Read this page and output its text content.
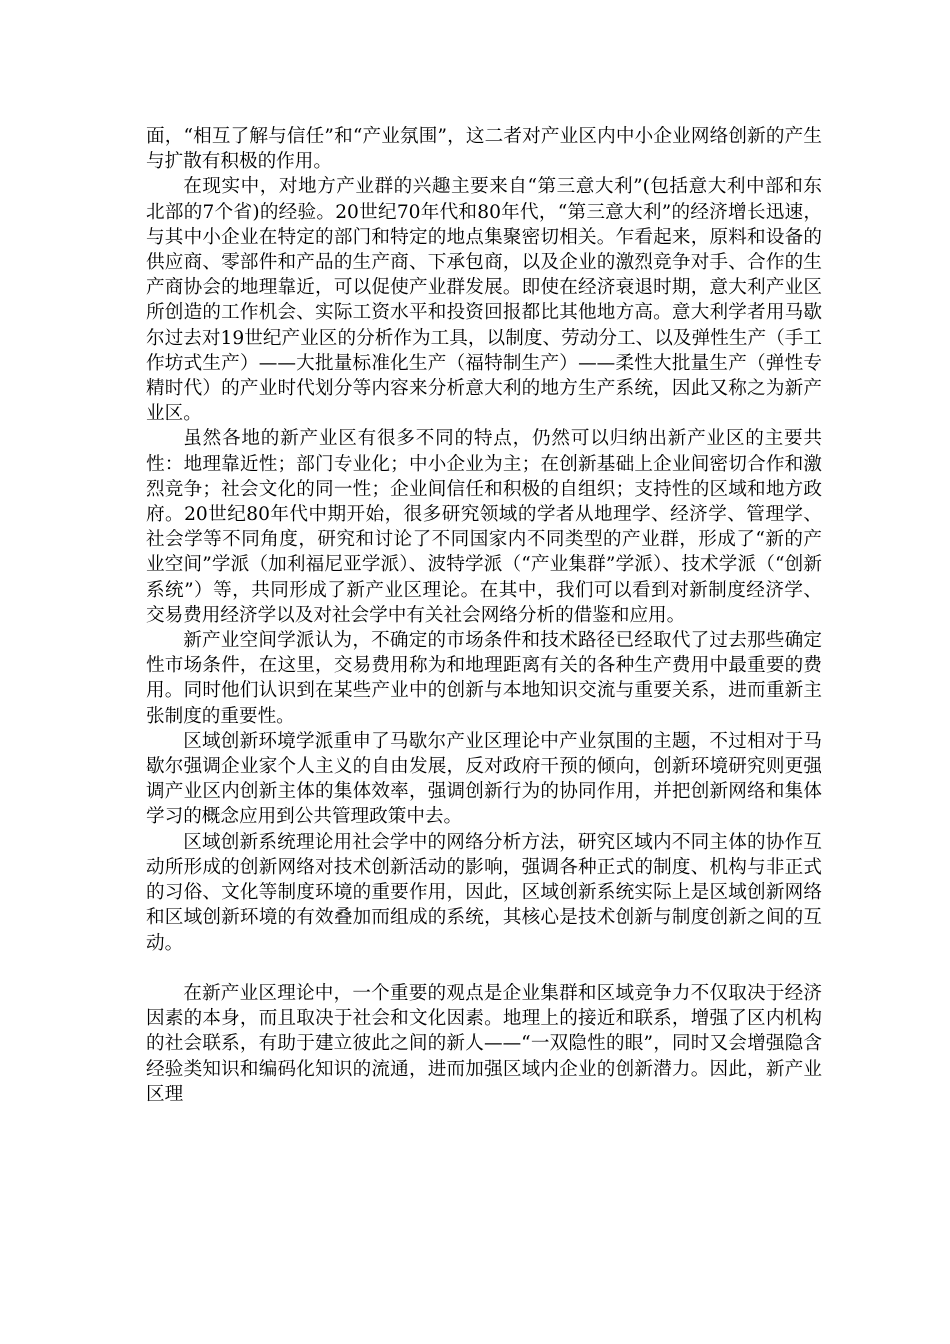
面，“相互了解与信任”和“产业氛围”，这二者对产业区内中小企业网络创新的产生与扩散有积极的作用。

在现实中，对地方产业群的兴趣主要来自“第三意大利”(包括意大利中部和东北部的7个省)的经验。20世纪70年代和80年代，“第三意大利”的经济增长迅速，与其中小企业在特定的部门和特定的地点集聚密切相关。乍看起来，原料和设备的供应商、零部件和产品的生产商、下承包商，以及企业的激烈竞争对手、合作的生产商协会的地理靠近，可以促使产业群发展。即使在经济衰退时期，意大利产业区所创造的工作机会、实际工资水平和投资回报都比其他地方高。意大利学者用马歇尔过去对19世纪产业区的分析作为工具，以制度、劳动分工、以及弹性生产（手工作坊式生产）——大批量标准化生产（福特制生产）——柔性大批量生产（弹性专精时代）的产业时代划分等内容来分析意大利的地方生产系统，因此又称之为新产业区。

虽然各地的新产业区有很多不同的特点，仍然可以归纳出新产业区的主要共性：地理靠近性；部门专业化；中小企业为主；在创新基础上企业间密切合作和激烈竞争；社会文化的同一性；企业间信任和积极的自组织；支持性的区域和地方政府。20世纪80年代中期开始，很多研究领域的学者从地理学、经济学、管理学、社会学等不同角度，研究和讨论了不同国家内不同类型的产业群，形成了“新的产业空间”学派（加利福尼亚学派）、波特学派（“产业集群”学派）、技术学派（“创新系统”）等，共同形成了新产业区理论。在其中，我们可以看到对新制度经济学、交易费用经济学以及对社会学中有关社会网络分析的借鉴和应用。

新产业空间学派认为，不确定的市场条件和技术路径已经取代了过去那些确定性市场条件，在这里，交易费用称为和地理距离有关的各种生产费用中最重要的费用。同时他们认识到在某些产业中的创新与本地知识交流与重要关系，进而重新主张制度的重要性。

区域创新环境学派重申了马歇尔产业区理论中产业氛围的主题，不过相对于马歇尔强调企业家个人主义的自由发展，反对政府干预的倾向，创新环境研究则更强调产业区内创新主体的集体效率，强调创新行为的协同作用，并把创新网络和集体学习的概念应用到公共管理政策中去。

区域创新系统理论用社会学中的网络分析方法，研究区域内不同主体的协作互动所形成的创新网络对技术创新活动的影响，强调各种正式的制度、机构与非正式的习俗、文化等制度环境的重要作用，因此，区域创新系统实际上是区域创新网络和区域创新环境的有效叠加而组成的系统，其核心是技术创新与制度创新之间的互动。

在新产业区理论中，一个重要的观点是企业集群和区域竞争力不仅取决于经济因素的本身，而且取决于社会和文化因素。地理上的接近和联系，增强了区内机构的社会联系，有助于建立彼此之间的新人——“一双隐性的眼”，同时又会增强隐含经验类知识和编码化知识的流通，进而加强区域内企业的创新潜力。因此，新产业区理
